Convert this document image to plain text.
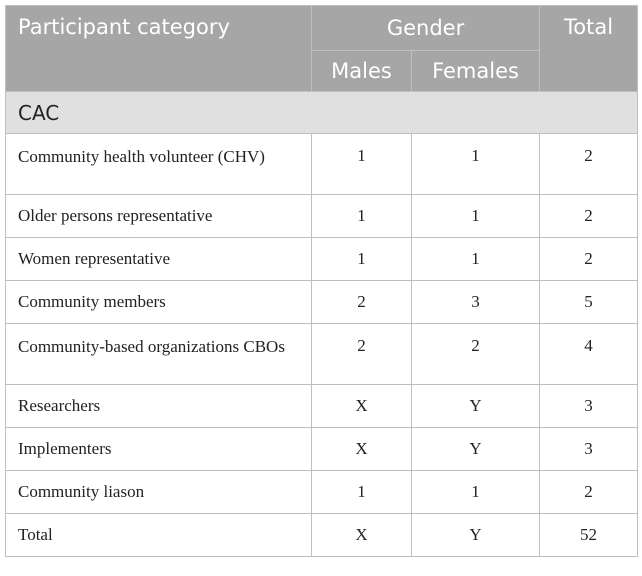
Participant category	Gender		Total
	Males	Females	
CAC			
Community health volunteer (CHV)	1	1	2
Older persons representative	1	1	2
Women representative	1	1	2
Community members	2	3	5
Community-based organizations CBOs	2	2	4
Researchers	X	Y	3
Implementers	X	Y	3
Community liason	1	1	2
Total	X	Y	52
